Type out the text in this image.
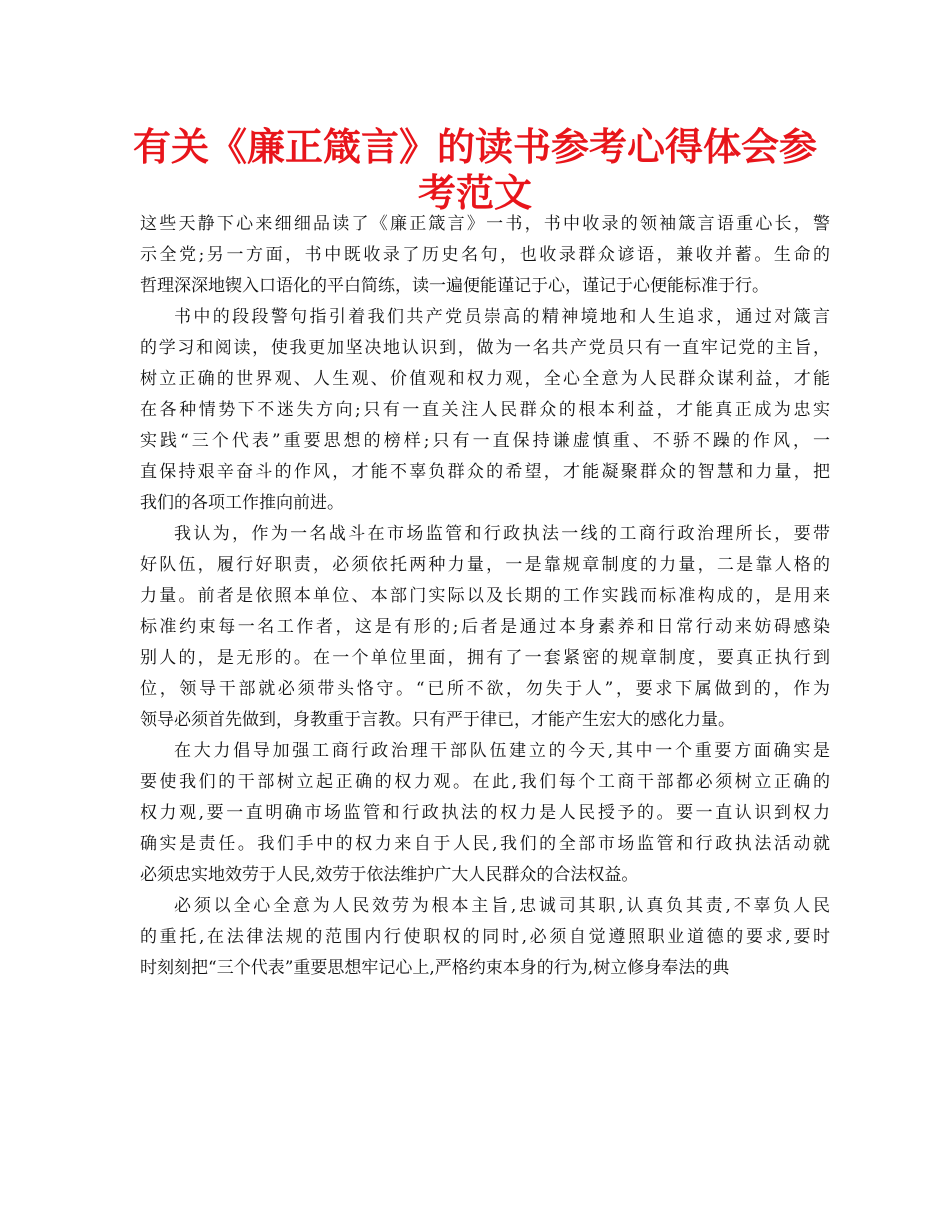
有关《廉正箴言》的读书参考心得体会参
考范文
这些天静下心来细细品读了《廉正箴言》一书，书中收录的领袖箴言语重心长，警
示全党;另一方面，书中既收录了历史名句，也收录群众谚语，兼收并蓄。生命的
哲理深深地锲入口语化的平白简练，读一遍便能谨记于心，谨记于心便能标准于行。
书中的段段警句指引着我们共产党员崇高的精神境地和人生追求，通过对箴言
的学习和阅读，使我更加坚决地认识到，做为一名共产党员只有一直牢记党的主旨，
树立正确的世界观、人生观、价值观和权力观，全心全意为人民群众谋利益，才能
在各种情势下不迷失方向;只有一直关注人民群众的根本利益，才能真正成为忠实
实践“三个代表”重要思想的榜样;只有一直保持谦虚慎重、不骄不躁的作风，一
直保持艰辛奋斗的作风，才能不辜负群众的希望，才能凝聚群众的智慧和力量，把
我们的各项工作推向前进。
我认为，作为一名战斗在市场监管和行政执法一线的工商行政治理所长，要带
好队伍，履行好职责，必须依托两种力量，一是靠规章制度的力量，二是靠人格的
力量。前者是依照本单位、本部门实际以及长期的工作实践而标准构成的，是用来
标准约束每一名工作者，这是有形的;后者是通过本身素养和日常行动来妨碍感染
别人的，是无形的。在一个单位里面，拥有了一套紧密的规章制度，要真正执行到
位，领导干部就必须带头恪守。“已所不欲，勿失于人”，要求下属做到的，作为
领导必须首先做到，身教重于言教。只有严于律已，才能产生宏大的感化力量。
在大力倡导加强工商行政治理干部队伍建立的今天,其中一个重要方面确实是
要使我们的干部树立起正确的权力观。在此,我们每个工商干部都必须树立正确的
权力观,要一直明确市场监管和行政执法的权力是人民授予的。要一直认识到权力
确实是责任。我们手中的权力来自于人民,我们的全部市场监管和行政执法活动就
必须忠实地效劳于人民,效劳于依法维护广大人民群众的合法权益。
必须以全心全意为人民效劳为根本主旨,忠诚司其职,认真负其责,不辜负人民
的重托,在法律法规的范围内行使职权的同时,必须自觉遵照职业道德的要求,要时
时刻刻把“三个代表”重要思想牢记心上,严格约束本身的行为,树立修身奉法的典
